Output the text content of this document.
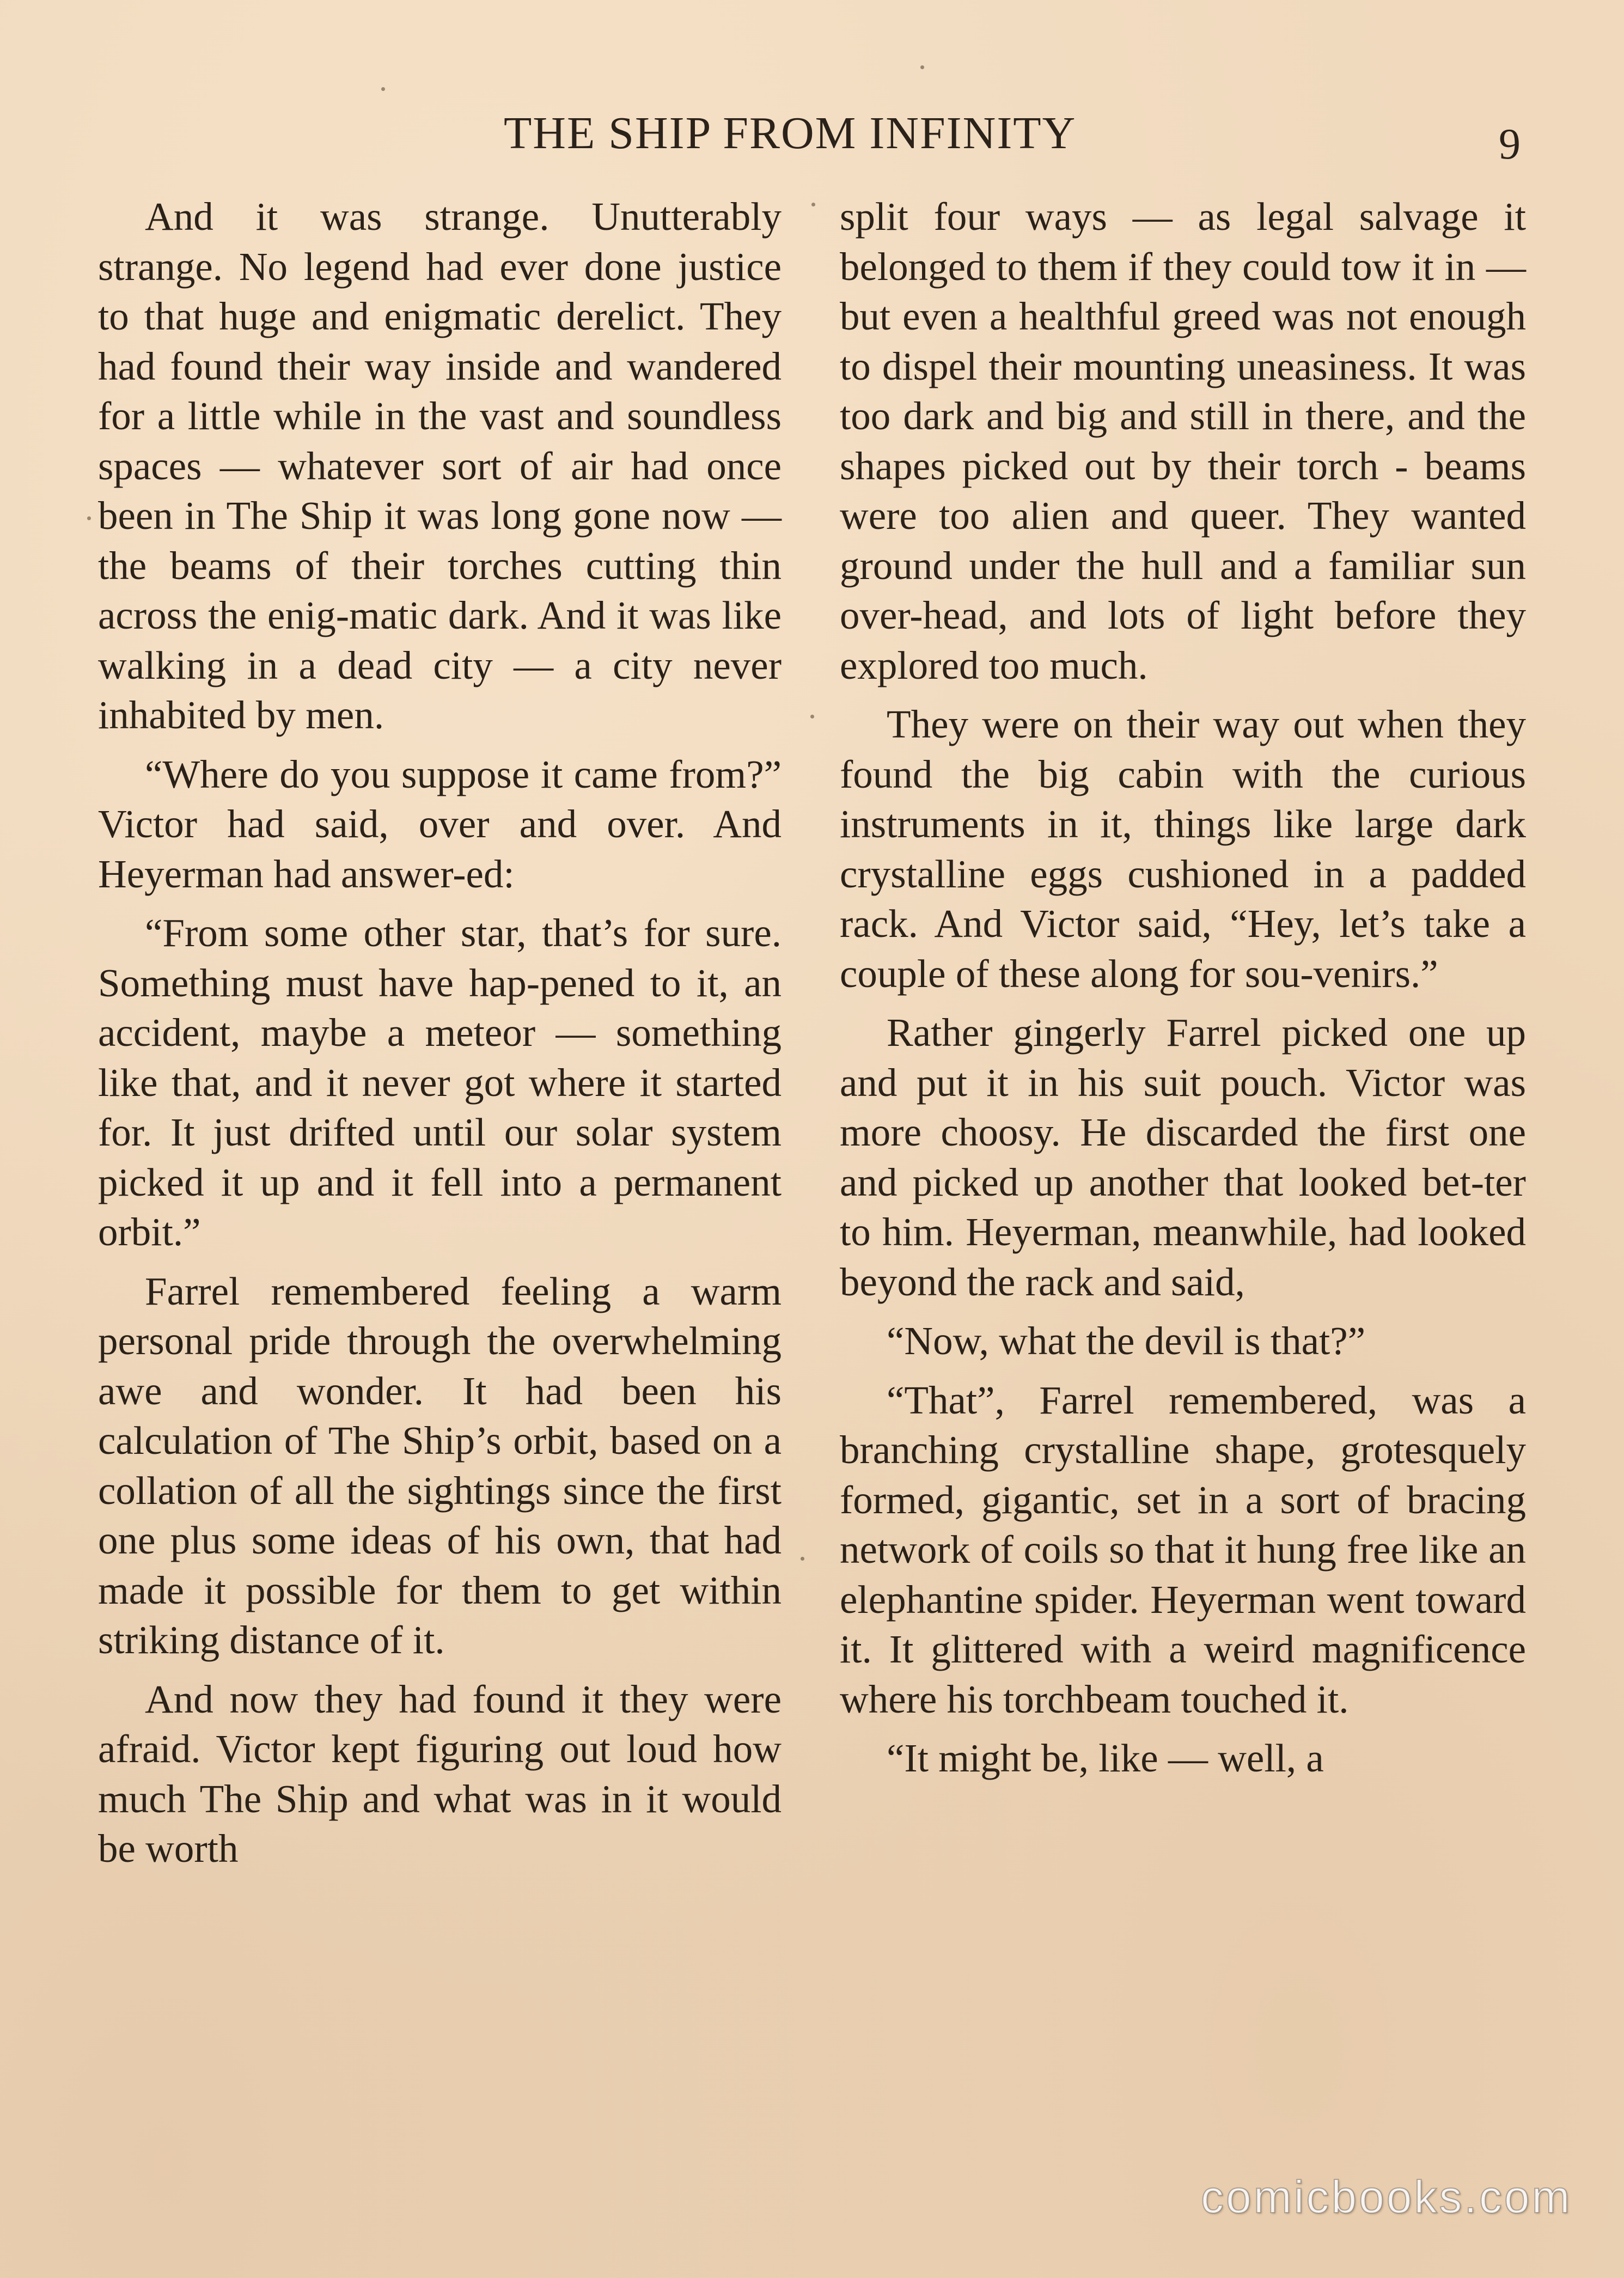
THE SHIP FROM INFINITY	9

And it was strange. Unutterably strange. No legend had ever done justice to that huge and enigmatic derelict. They had found their way inside and wandered for a little while in the vast and soundless spaces — whatever sort of air had once been in The Ship it was long gone now — the beams of their torches cutting thin across the enig-matic dark. And it was like walking in a dead city — a city never inhabited by men.

“Where do you suppose it came from?” Victor had said, over and over. And Heyerman had answer-ed:

“From some other star, that’s for sure. Something must have hap-pened to it, an accident, maybe a meteor — something like that, and it never got where it started for. It just drifted until our solar system picked it up and it fell into a permanent orbit.”

Farrel remembered feeling a warm personal pride through the overwhelming awe and wonder. It had been his calculation of The Ship’s orbit, based on a collation of all the sightings since the first one plus some ideas of his own, that had made it possible for them to get within striking distance of it.

And now they had found it they were afraid. Victor kept figuring out loud how much The Ship and what was in it would be worth

split four ways — as legal salvage it belonged to them if they could tow it in — but even a healthful greed was not enough to dispel their mounting uneasiness. It was too dark and big and still in there, and the shapes picked out by their torch - beams were too alien and queer. They wanted ground under the hull and a familiar sun over-head, and lots of light before they explored too much.

They were on their way out when they found the big cabin with the curious instruments in it, things like large dark crystalline eggs cushioned in a padded rack. And Victor said, “Hey, let’s take a couple of these along for sou-venirs.”

Rather gingerly Farrel picked one up and put it in his suit pouch. Victor was more choosy. He discarded the first one and picked up another that looked bet-ter to him. Heyerman, meanwhile, had looked beyond the rack and said,

“Now, what the devil is that?”

“That”, Farrel remembered, was a branching crystalline shape, grotesquely formed, gigantic, set in a sort of bracing network of coils so that it hung free like an elephantine spider. Heyerman went toward it. It glittered with a weird magnificence where his torchbeam touched it.

“It might be, like — well, a

comicbooks.com
